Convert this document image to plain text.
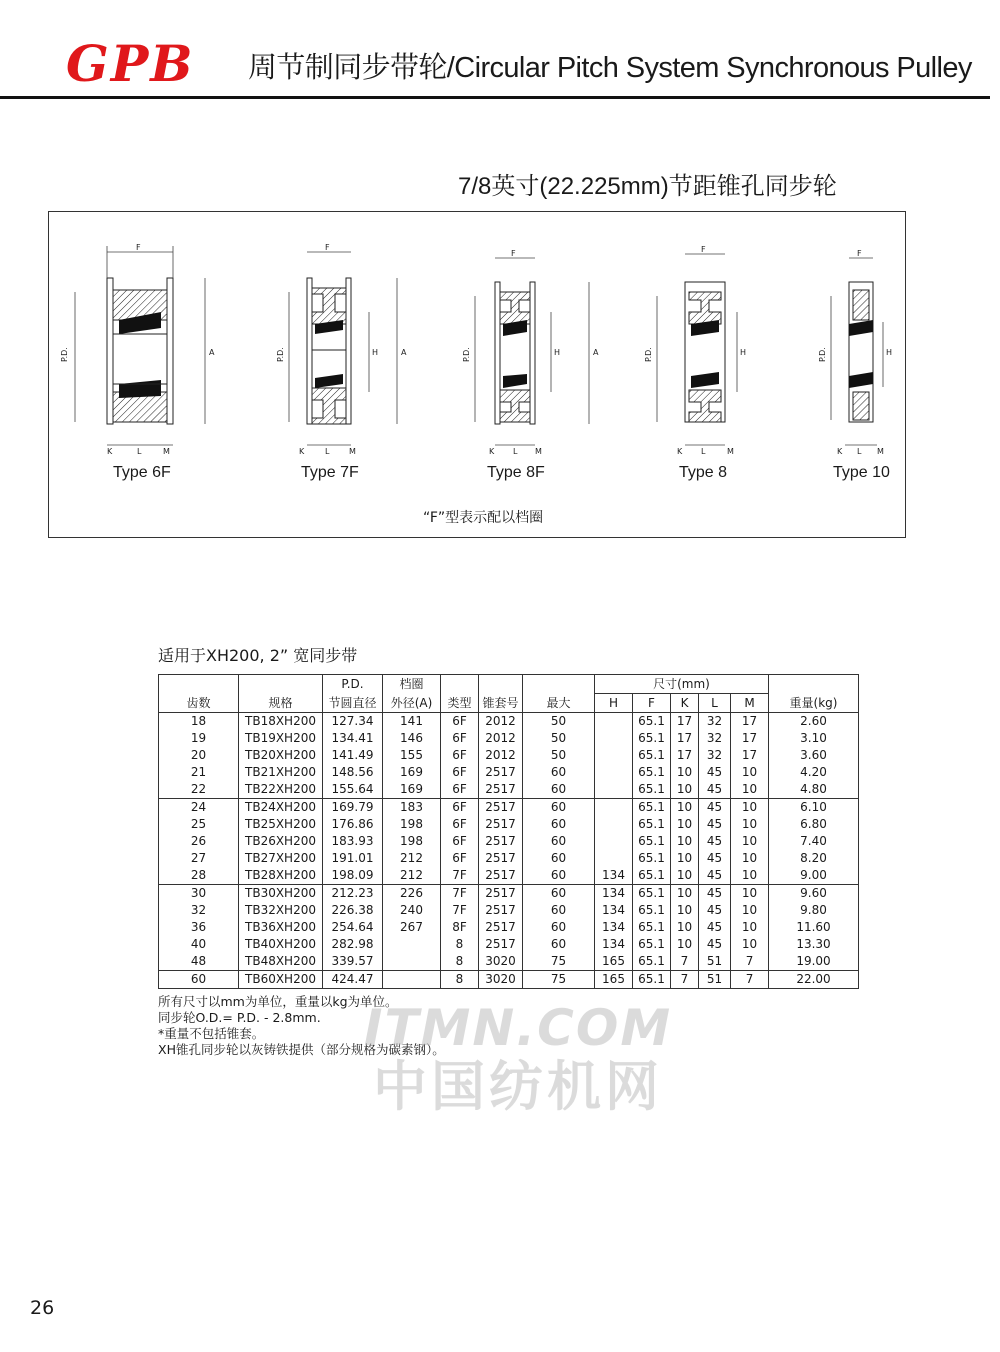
GPB 周节制同步带轮/Circular Pitch System Synchronous Pulley
7/8英寸(22.225mm)节距锥孔同步轮
F	F
F	F	F
P.D.	P.D.	P.D.	P.D.	P.D.
A	A	A
H	H	H	H
K	L	M	K	L M	K L M	K L	M	K L M
Type 6F	Type 7F	Type 8F	Type 8	Type 10
“F”型表示配以档圈
适用于XH200, 2” 宽同步带
齿数	规格	P.D.	档圈	类型	锥套号	最大	尺寸(mm)					重量(kg)
		节圆直径	外径(A)				H	F	K	L	M	
18	TB18XH200	127.34	141	6F	2012	50		65.1	17	32	17	2.60
19	TB19XH200	134.41	146	6F	2012	50		65.1	17	32	17	3.10
20	TB20XH200	141.49	155	6F	2012	50		65.1	17	32	17	3.60
21	TB21XH200	148.56	169	6F	2517	60		65.1	10	45	10	4.20
22	TB22XH200	155.64	169	6F	2517	60		65.1	10	45	10	4.80
24	TB24XH200	169.79	183	6F	2517	60		65.1	10	45	10	6.10
25	TB25XH200	176.86	198	6F	2517	60		65.1	10	45	10	6.80
26	TB26XH200	183.93	198	6F	2517	60		65.1	10	45	10	7.40
27	TB27XH200	191.01	212	6F	2517	60		65.1	10	45	10	8.20
28	TB28XH200	198.09	212	7F	2517	60	134	65.1	10	45	10	9.00
30	TB30XH200	212.23	226	7F	2517	60	134	65.1	10	45	10	9.60
32	TB32XH200	226.38	240	7F	2517	60	134	65.1	10	45	10	9.80
36	TB36XH200	254.64	267	8F	2517	60	134	65.1	10	45	10	11.60
40	TB40XH200	282.98		8	2517	60	134	65.1	10	45	10	13.30
48	TB48XH200	339.57		8	3020	75	165	65.1	7	51	7	19.00
60	TB60XH200	424.47		8	3020	75	165	65.1	7	51	7	22.00
所有尺寸以mm为单位，重量以kg为单位。
同步轮O.D.= P.D. - 2.8mm.
*重量不包括锥套。
XH锥孔同步轮以灰铸铁提供（部分规格为碳素钢）。
ITMN.COM
中国纺机网
26
